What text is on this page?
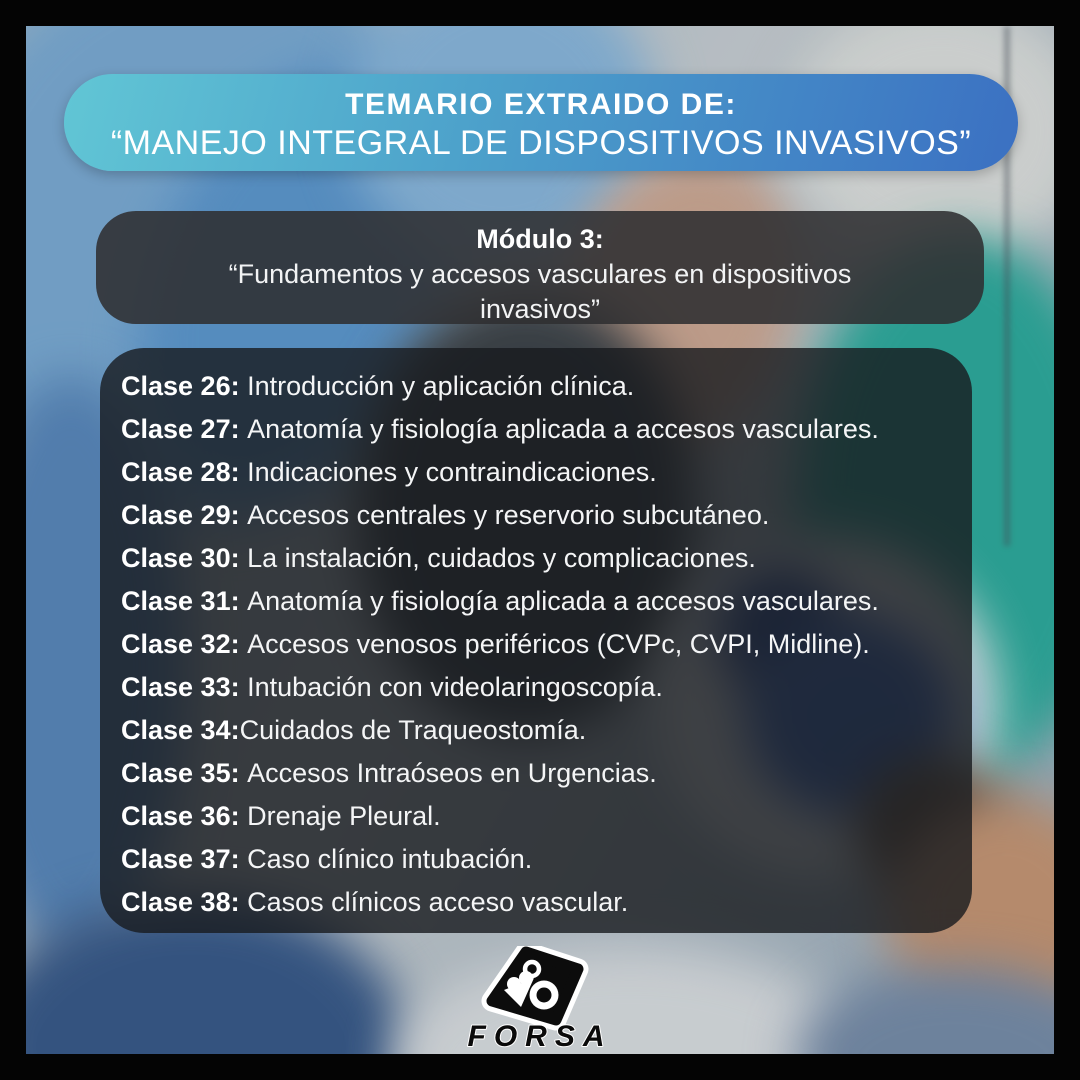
TEMARIO EXTRAIDO DE:
“MANEJO INTEGRAL DE DISPOSITIVOS INVASIVOS”
Módulo 3:
“Fundamentos y accesos vasculares en dispositivos invasivos”
Clase 26: Introducción y aplicación clínica.
Clase 27: Anatomía y fisiología aplicada a accesos vasculares.
Clase 28: Indicaciones y contraindicaciones.
Clase 29: Accesos centrales y reservorio subcutáneo.
Clase 30: La instalación, cuidados y complicaciones.
Clase 31: Anatomía y fisiología aplicada a accesos vasculares.
Clase 32: Accesos venosos periféricos (CVPc, CVPI, Midline).
Clase 33: Intubación con videolaringoscopía.
Clase 34:Cuidados de Traqueostomía.
Clase 35: Accesos Intraóseos en Urgencias.
Clase 36: Drenaje Pleural.
Clase 37: Caso clínico intubación.
Clase 38: Casos clínicos acceso vascular.
FORSA
